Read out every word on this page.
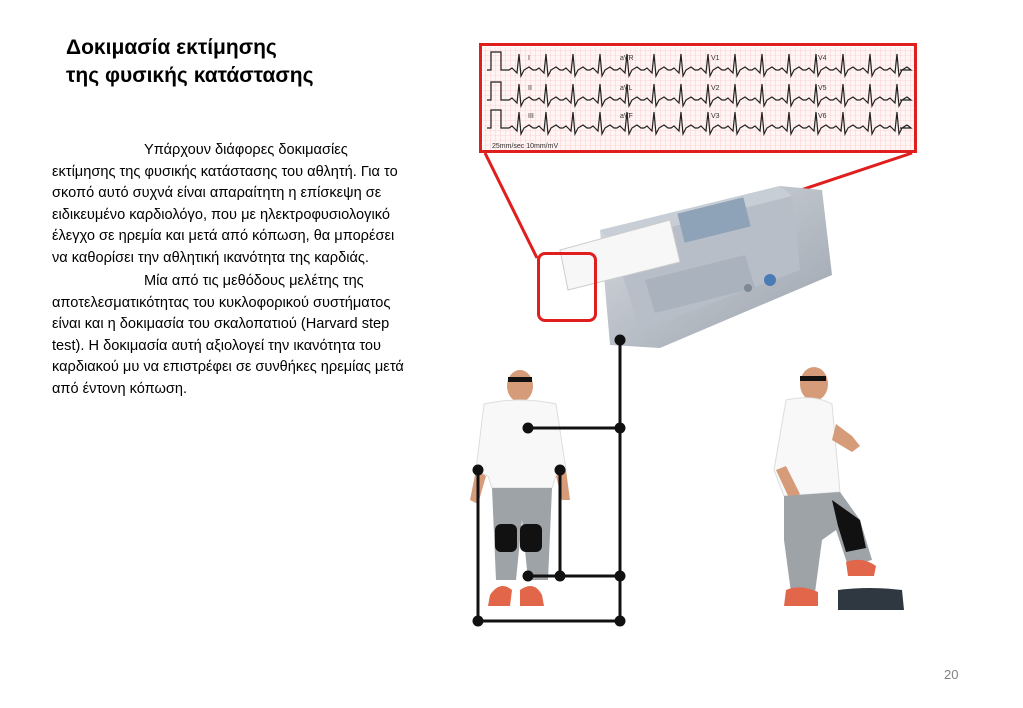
Δοκιμασία εκτίμησης
της φυσικής κατάστασης

Υπάρχουν διάφορες δοκιμασίες εκτίμησης της φυσικής κατάστασης του αθλητή. Για το σκοπό αυτό συχνά είναι απαραίτητη η επίσκεψη σε ειδικευμένο καρδιολόγο, που με ηλεκτροφυσιολογικό έλεγχο σε ηρεμία και μετά από κόπωση, θα μπορέσει να καθορίσει την αθλητική ικανότητα της καρδιάς.

Μία από τις μεθόδους μελέτης της αποτελεσματικότητας του κυκλοφορικού συστήματος είναι και η δοκιμασία του σκαλοπατιού (Harvard step test). Η δοκιμασία αυτή αξιολογεί την ικανότητα του καρδιακού μυ να επιστρέφει σε συνθήκες ηρεμίας μετά από έντονη κόπωση.

I	aVR	V1	V4
II	aVL	V2	V5
III	aVF	V3	V6
25mm/sec 10mm/mV
20
